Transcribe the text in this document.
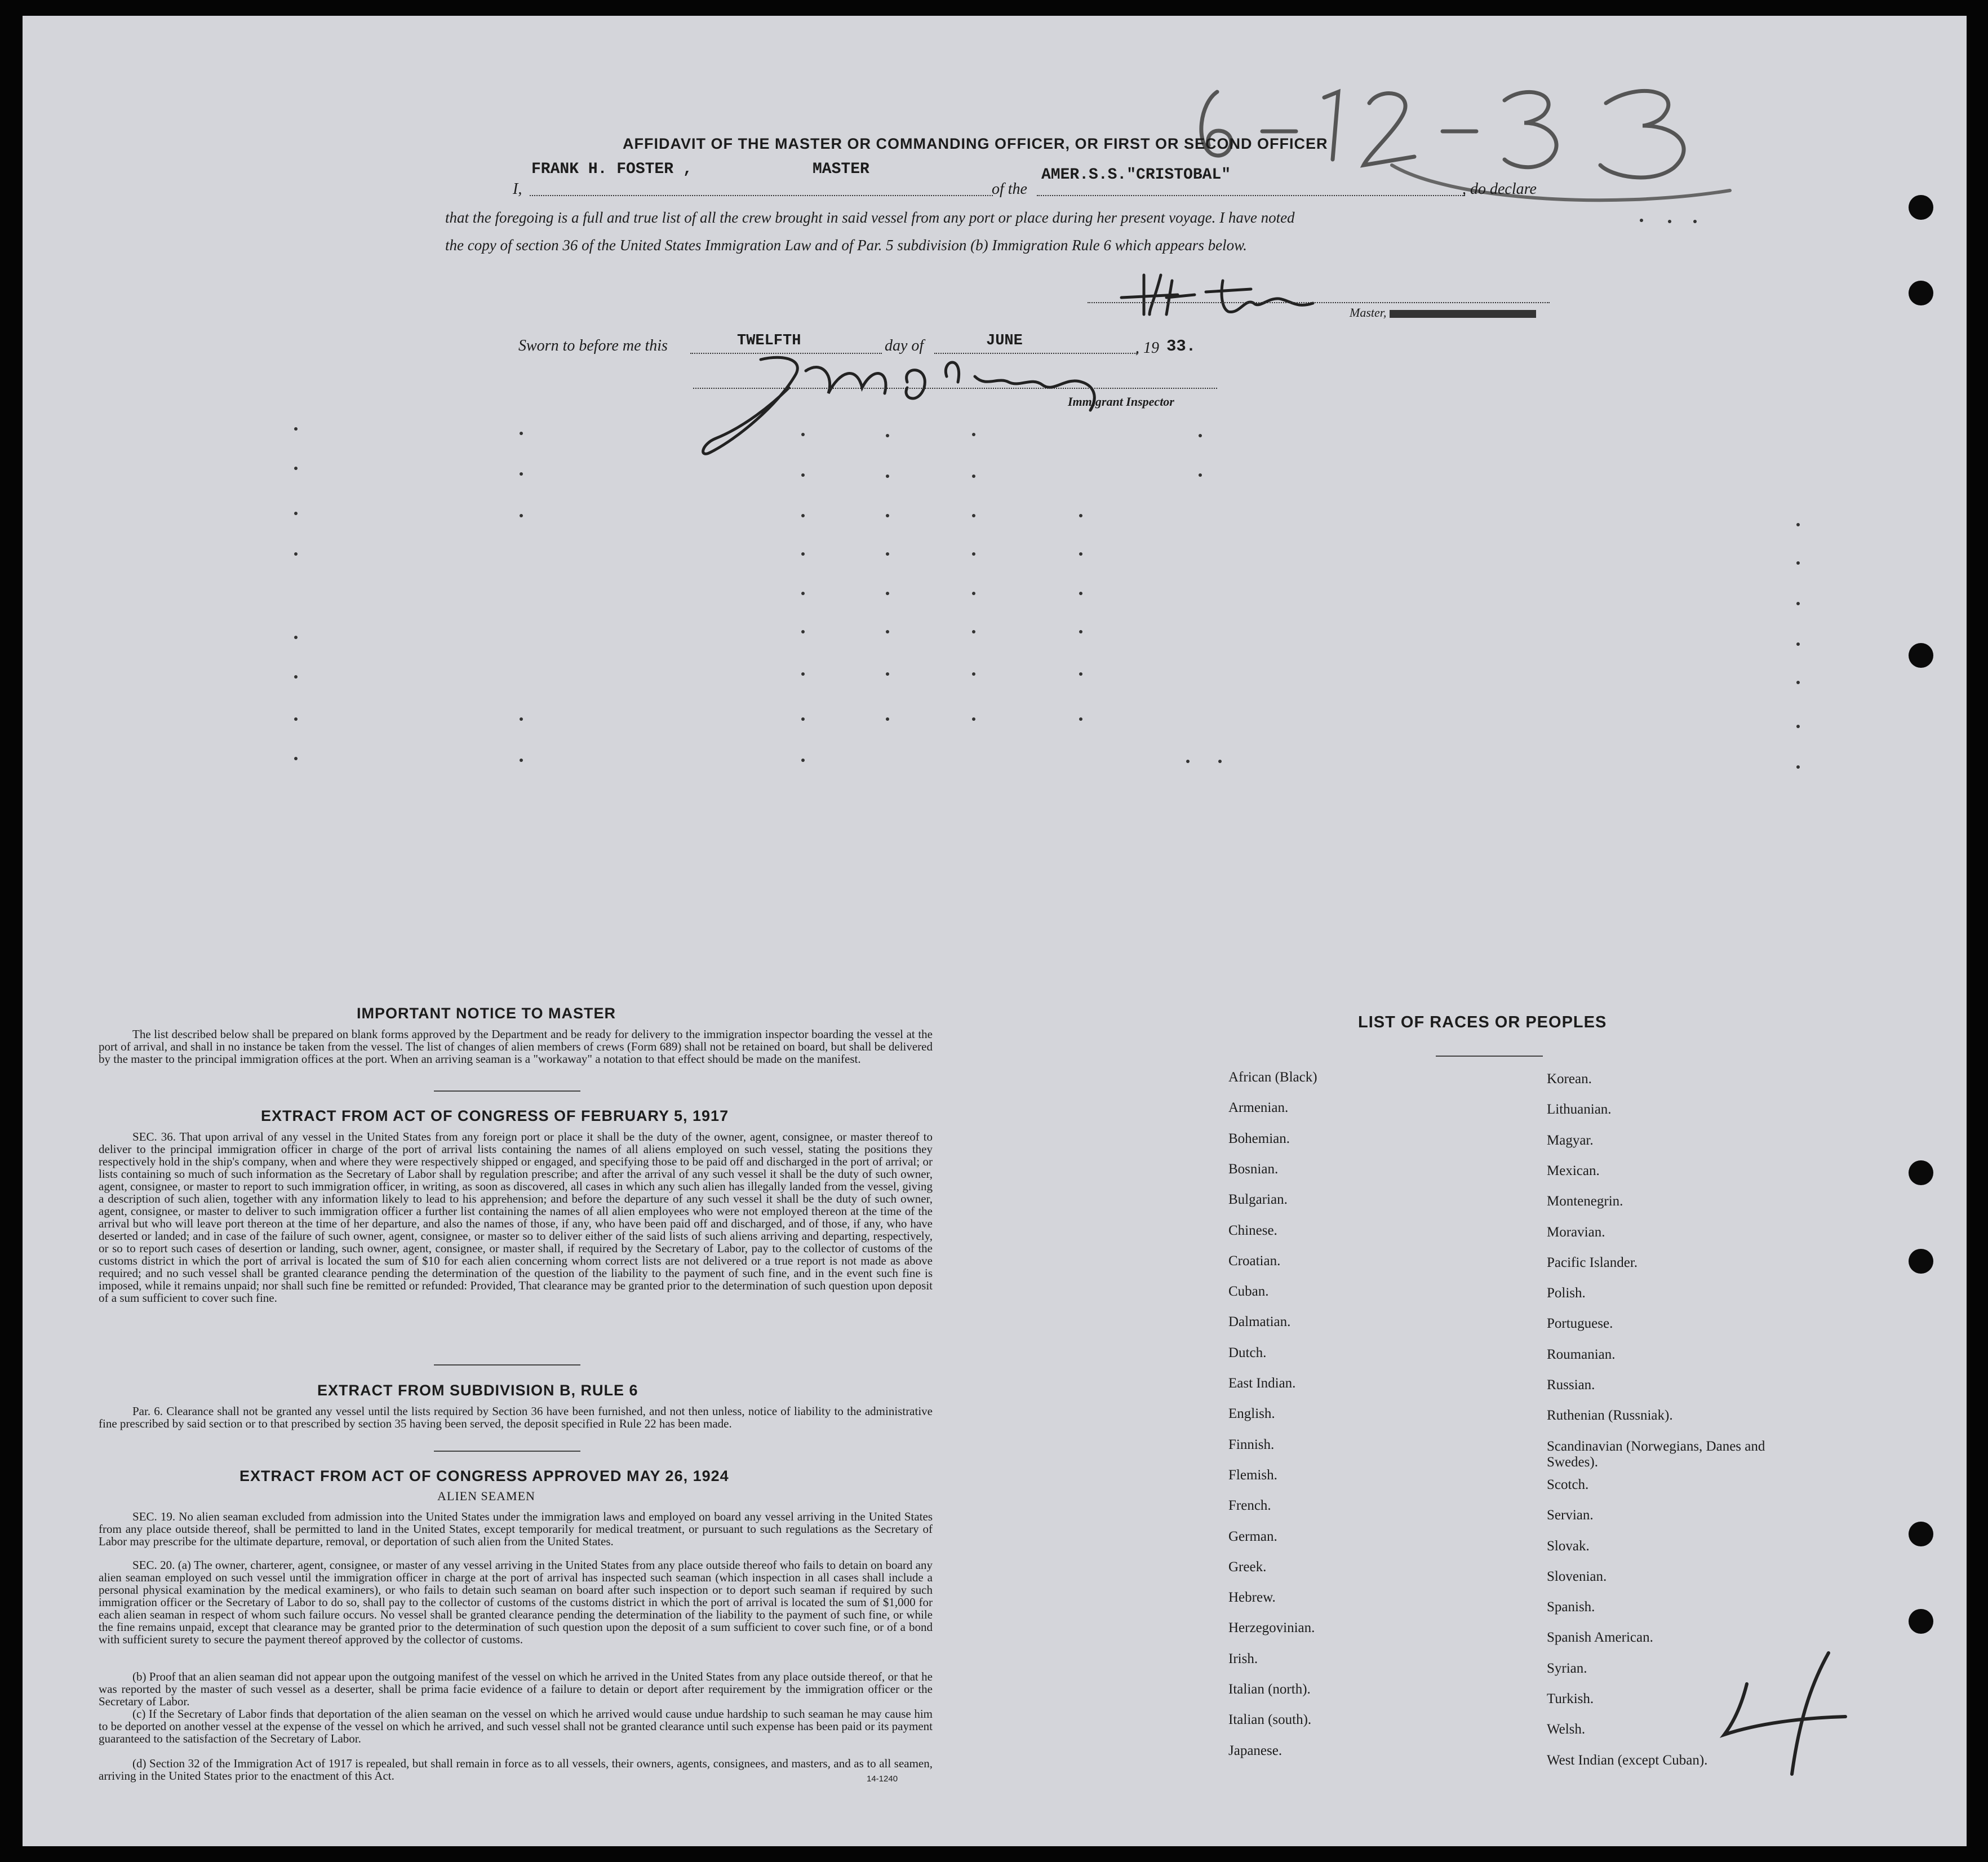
AFFIDAVIT OF THE MASTER OR COMMANDING OFFICER, OR FIRST OR SECOND OFFICER
I,
FRANK H. FOSTER ,	MASTER
of the
AMER.S.S."CRISTOBAL"
, do declare
that the foregoing is a full and true list of all the crew brought in said vessel from any port or place during her present voyage. I have noted
the copy of section 36 of the United States Immigration Law and of Par. 5 subdivision (b) Immigration Rule 6 which appears below.
Master,
Sworn to before me this	TWELFTH	day of	JUNE	, 19 33.
Immigrant Inspector
IMPORTANT NOTICE TO MASTER

The list described below shall be prepared on blank forms approved by the Department and be ready for delivery to the immigration inspector boarding the vessel at the port of arrival, and shall in no instance be taken from the vessel. The list of changes of alien members of crews (Form 689) shall not be retained on board, but shall be delivered by the master to the principal immigration offices at the port. When an arriving seaman is a "workaway" a notation to that effect should be made on the manifest.

EXTRACT FROM ACT OF CONGRESS OF FEBRUARY 5, 1917

SEC. 36. That upon arrival of any vessel in the United States from any foreign port or place it shall be the duty of the owner, agent, consignee, or master thereof to deliver to the principal immigration officer in charge of the port of arrival lists containing the names of all aliens employed on such vessel, stating the positions they respectively hold in the ship's company, when and where they were respectively shipped or engaged, and specifying those to be paid off and discharged in the port of arrival; or lists containing so much of such information as the Secretary of Labor shall by regulation prescribe; and after the arrival of any such vessel it shall be the duty of such owner, agent, consignee, or master to report to such immigration officer, in writing, as soon as discovered, all cases in which any such alien has illegally landed from the vessel, giving a description of such alien, together with any information likely to lead to his apprehension; and before the departure of any such vessel it shall be the duty of such owner, agent, consignee, or master to deliver to such immigration officer a further list containing the names of all alien employees who were not employed thereon at the time of the arrival but who will leave port thereon at the time of her departure, and also the names of those, if any, who have been paid off and discharged, and of those, if any, who have deserted or landed; and in case of the failure of such owner, agent, consignee, or master so to deliver either of the said lists of such aliens arriving and departing, respectively, or so to report such cases of desertion or landing, such owner, agent, consignee, or master shall, if required by the Secretary of Labor, pay to the collector of customs of the customs district in which the port of arrival is located the sum of $10 for each alien concerning whom correct lists are not delivered or a true report is not made as above required; and no such vessel shall be granted clearance pending the determination of the question of the liability to the payment of such fine, and in the event such fine is imposed, while it remains unpaid; nor shall such fine be remitted or refunded: Provided, That clearance may be granted prior to the determination of such question upon deposit of a sum sufficient to cover such fine.

EXTRACT FROM SUBDIVISION B, RULE 6

Par. 6. Clearance shall not be granted any vessel until the lists required by Section 36 have been furnished, and not then unless, notice of liability to the administrative fine prescribed by said section or to that prescribed by section 35 having been served, the deposit specified in Rule 22 has been made.

EXTRACT FROM ACT OF CONGRESS APPROVED MAY 26, 1924
ALIEN SEAMEN

SEC. 19. No alien seaman excluded from admission into the United States under the immigration laws and employed on board any vessel arriving in the United States from any place outside thereof, shall be permitted to land in the United States, except temporarily for medical treatment, or pursuant to such regulations as the Secretary of Labor may prescribe for the ultimate departure, removal, or deportation of such alien from the United States.

SEC. 20. (a) The owner, charterer, agent, consignee, or master of any vessel arriving in the United States from any place outside thereof who fails to detain on board any alien seaman employed on such vessel until the immigration officer in charge at the port of arrival has inspected such seaman (which inspection in all cases shall include a personal physical examination by the medical examiners), or who fails to detain such seaman on board after such inspection or to deport such seaman if required by such immigration officer or the Secretary of Labor to do so, shall pay to the collector of customs of the customs district in which the port of arrival is located the sum of $1,000 for each alien seaman in respect of whom such failure occurs. No vessel shall be granted clearance pending the determination of the liability to the payment of such fine, or while the fine remains unpaid, except that clearance may be granted prior to the determination of such question upon the deposit of a sum sufficient to cover such fine, or of a bond with sufficient surety to secure the payment thereof approved by the collector of customs.

(b) Proof that an alien seaman did not appear upon the outgoing manifest of the vessel on which he arrived in the United States from any place outside thereof, or that he was reported by the master of such vessel as a deserter, shall be prima facie evidence of a failure to detain or deport after requirement by the immigration officer or the Secretary of Labor.

(c) If the Secretary of Labor finds that deportation of the alien seaman on the vessel on which he arrived would cause undue hardship to such seaman he may cause him to be deported on another vessel at the expense of the vessel on which he arrived, and such vessel shall not be granted clearance until such expense has been paid or its payment guaranteed to the satisfaction of the Secretary of Labor.

(d) Section 32 of the Immigration Act of 1917 is repealed, but shall remain in force as to all vessels, their owners, agents, consignees, and masters, and as to all seamen, arriving in the United States prior to the enactment of this Act.	14-1240
LIST OF RACES OR PEOPLES
African (Black)
Armenian.
Bohemian.
Bosnian.
Bulgarian.
Chinese.
Croatian.
Cuban.
Dalmatian.
Dutch.
East Indian.
English.
Finnish.
Flemish.
French.
German.
Greek.
Hebrew.
Herzegovinian.
Irish.
Italian (north).
Italian (south).
Japanese.
Korean.
Lithuanian.
Magyar.
Mexican.
Montenegrin.
Moravian.
Pacific Islander.
Polish.
Portuguese.
Roumanian.
Russian.
Ruthenian (Russniak).
Scandinavian (Norwegians, Danes and Swedes).
Scotch.
Servian.
Slovak.
Slovenian.
Spanish.
Spanish American.
Syrian.
Turkish.
Welsh.
West Indian (except Cuban).
